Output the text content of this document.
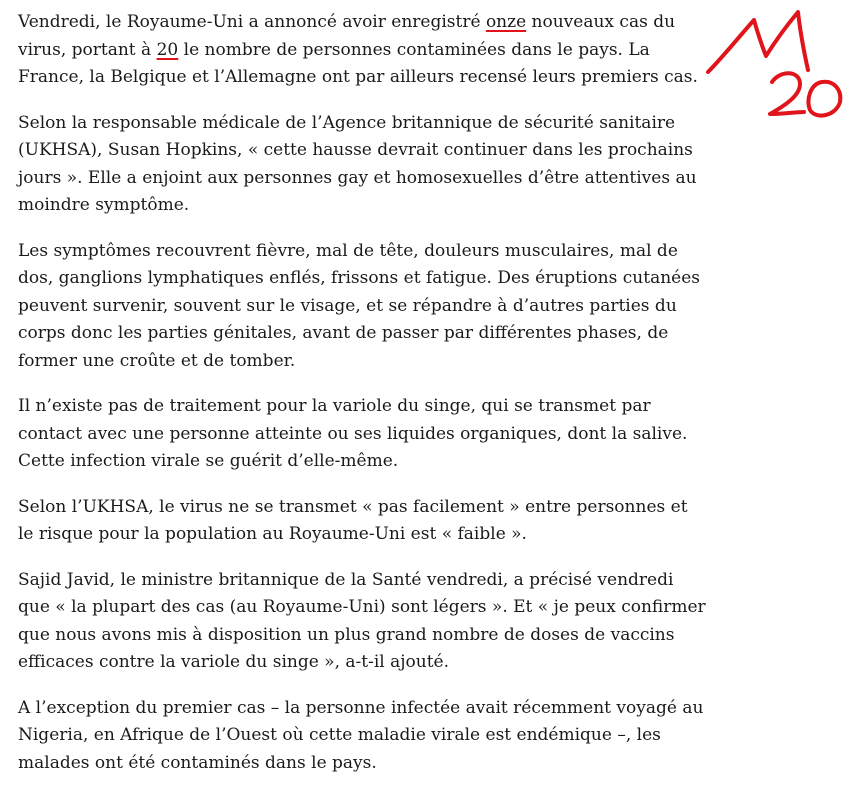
Vendredi, le Royaume-Uni a annoncé avoir enregistré onze nouveaux cas du virus, portant à 20 le nombre de personnes contaminées dans le pays. La France, la Belgique et l’Allemagne ont par ailleurs recensé leurs premiers cas.

Selon la responsable médicale de l’Agence britannique de sécurité sanitaire (UKHSA), Susan Hopkins, « cette hausse devrait continuer dans les prochains jours ». Elle a enjoint aux personnes gay et homosexuelles d’être attentives au moindre symptôme.

Les symptômes recouvrent fièvre, mal de tête, douleurs musculaires, mal de dos, ganglions lymphatiques enflés, frissons et fatigue. Des éruptions cutanées peuvent survenir, souvent sur le visage, et se répandre à d’autres parties du corps donc les parties génitales, avant de passer par différentes phases, de former une croûte et de tomber.

Il n’existe pas de traitement pour la variole du singe, qui se transmet par contact avec une personne atteinte ou ses liquides organiques, dont la salive. Cette infection virale se guérit d’elle-même.

Selon l’UKHSA, le virus ne se transmet « pas facilement » entre personnes et le risque pour la population au Royaume-Uni est « faible ».

Sajid Javid, le ministre britannique de la Santé vendredi, a précisé vendredi que « la plupart des cas (au Royaume-Uni) sont légers ». Et « je peux confirmer que nous avons mis à disposition un plus grand nombre de doses de vaccins efficaces contre la variole du singe », a-t-il ajouté.

A l’exception du premier cas – la personne infectée avait récemment voyagé au Nigeria, en Afrique de l’Ouest où cette maladie virale est endémique –, les malades ont été contaminés dans le pays.
